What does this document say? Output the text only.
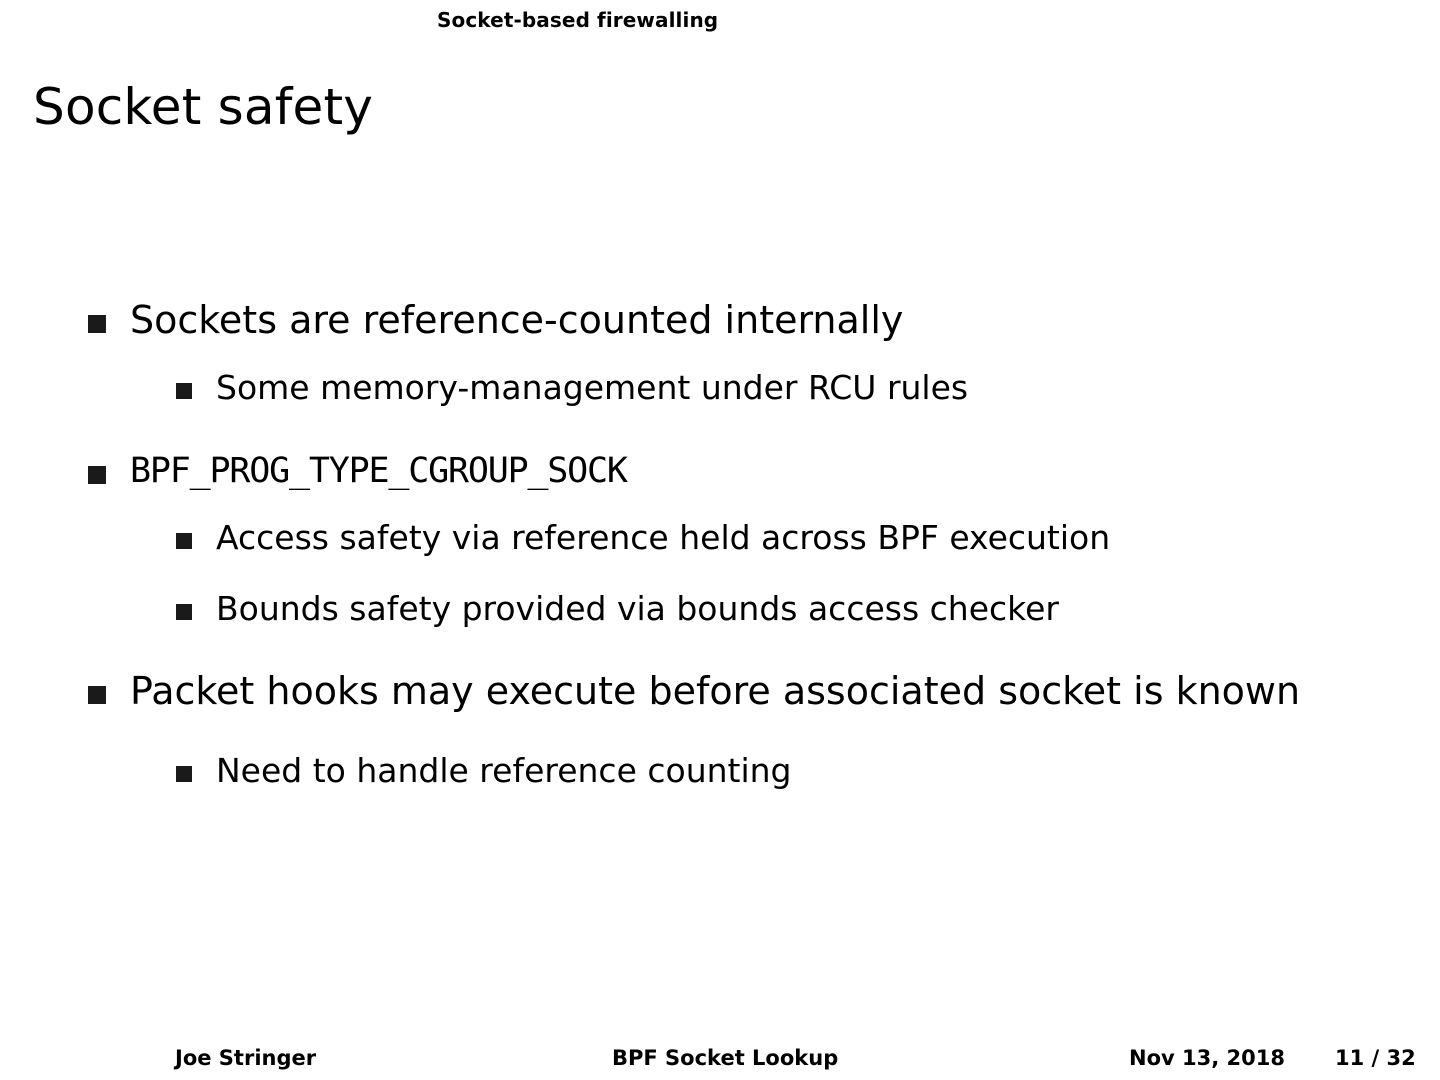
Socket-based firewalling
Socket safety
Sockets are reference-counted internally
Some memory-management under RCU rules
BPF_PROG_TYPE_CGROUP_SOCK
Access safety via reference held across BPF execution
Bounds safety provided via bounds access checker
Packet hooks may execute before associated socket is known
Need to handle reference counting
Joe Stringer	BPF Socket Lookup	Nov 13, 2018 11 / 32
